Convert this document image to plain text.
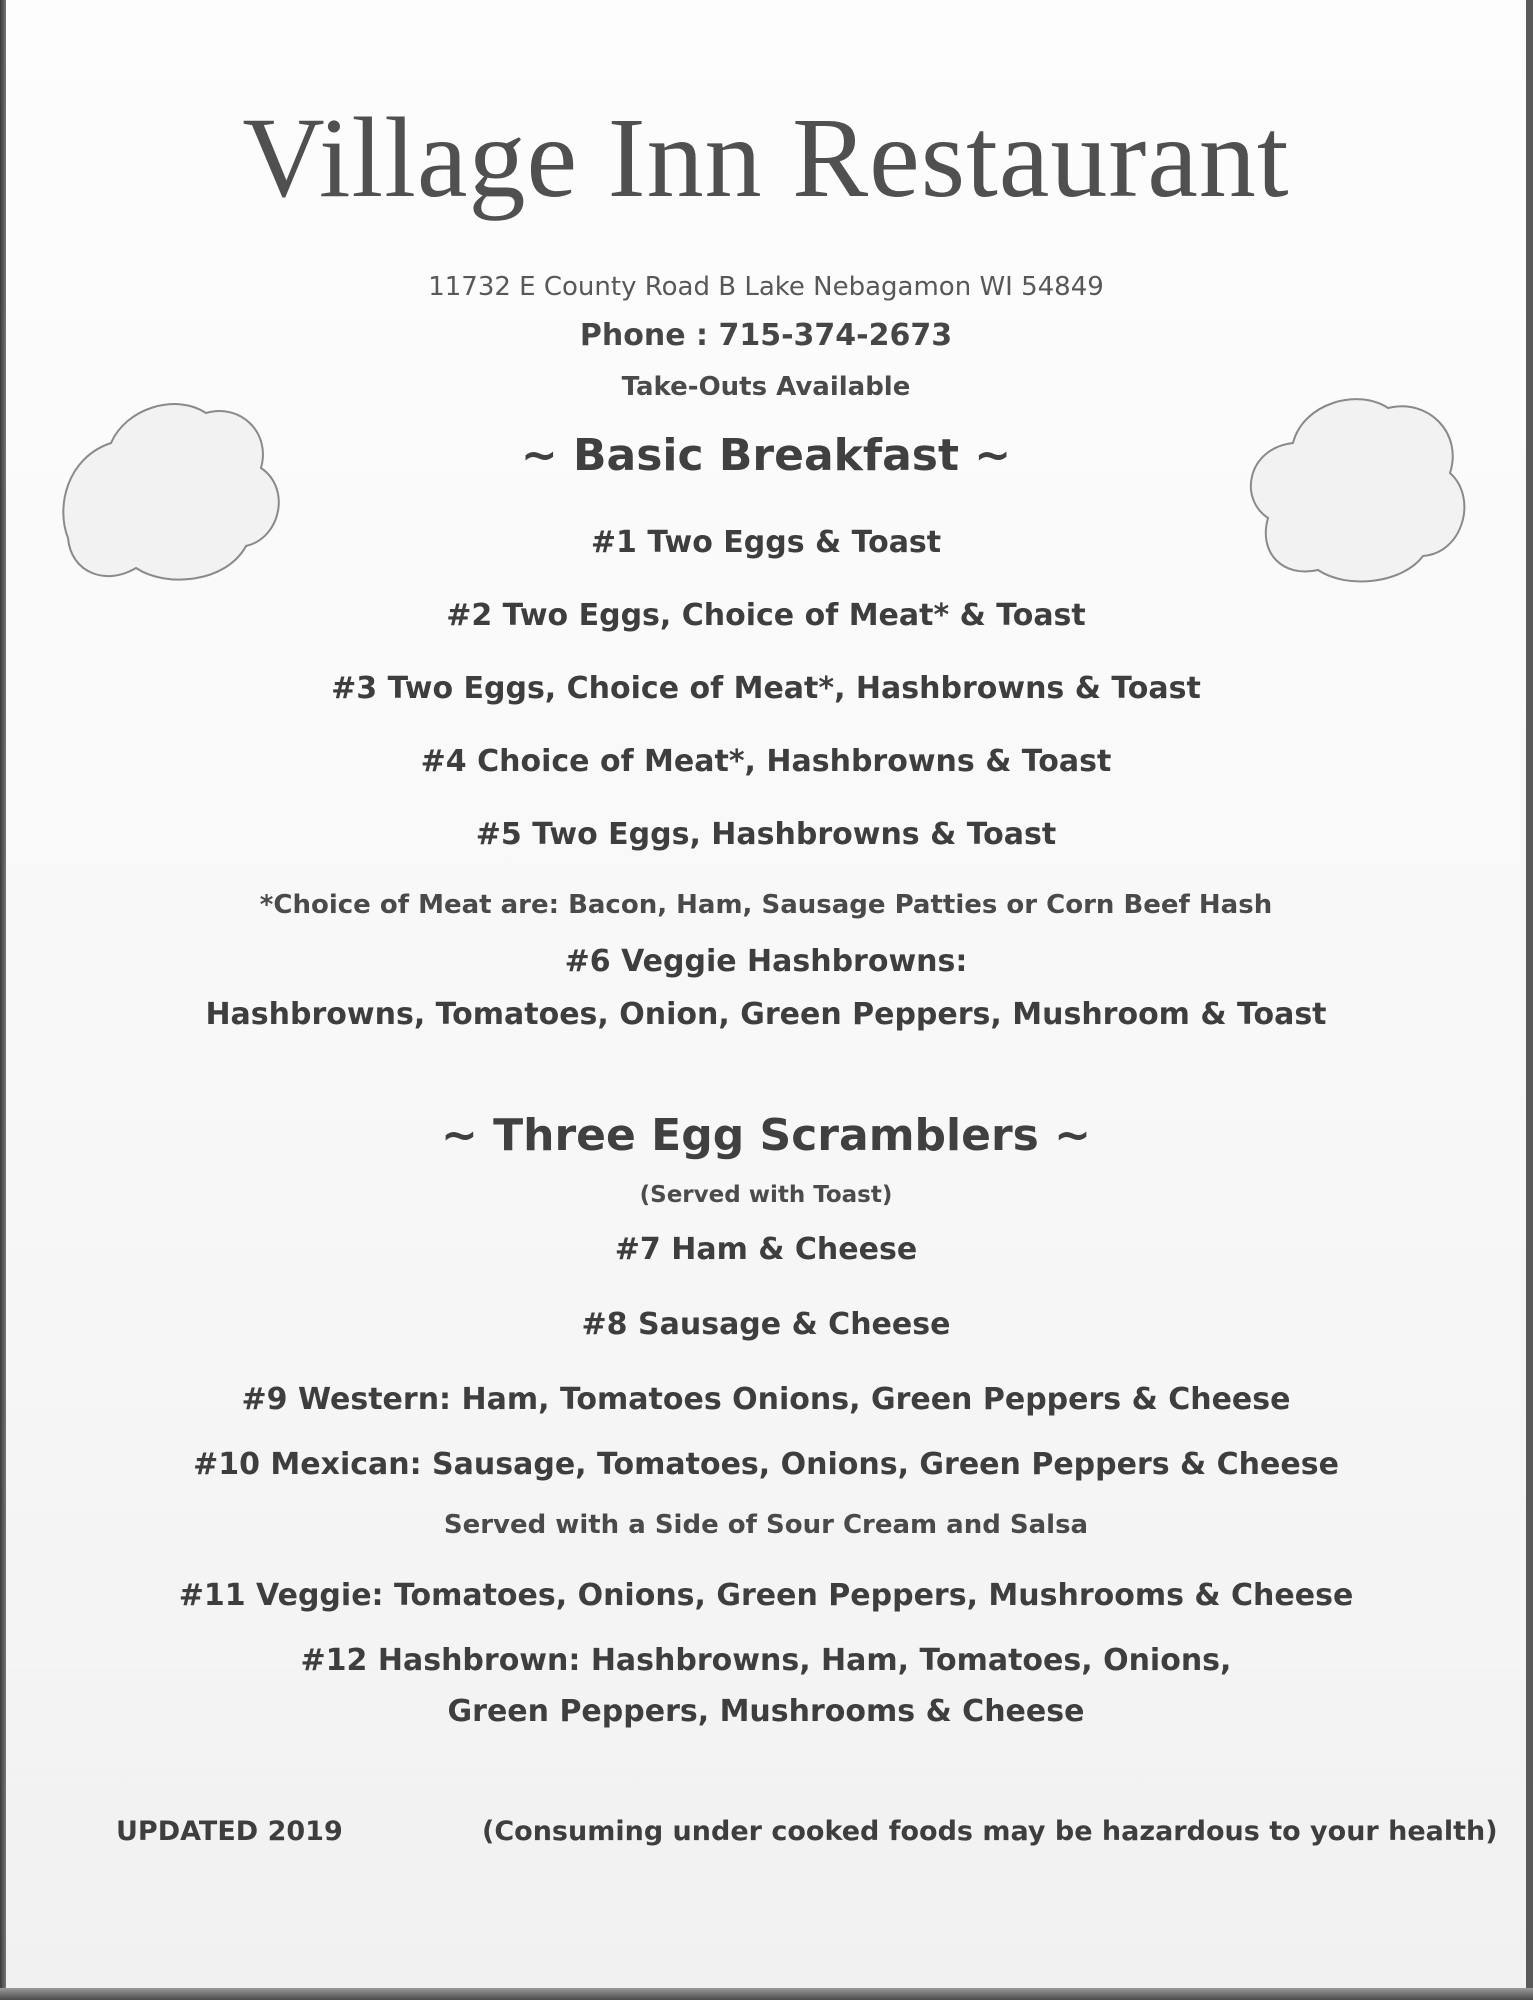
Village Inn Restaurant
11732 E County Road B Lake Nebagamon WI 54849
Phone : 715-374-2673
Take-Outs Available
~ Basic Breakfast ~
#1 Two Eggs & Toast
#2 Two Eggs, Choice of Meat* & Toast
#3 Two Eggs, Choice of Meat*, Hashbrowns & Toast
#4 Choice of Meat*, Hashbrowns & Toast
#5 Two Eggs, Hashbrowns & Toast
*Choice of Meat are: Bacon, Ham, Sausage Patties or Corn Beef Hash
#6 Veggie Hashbrowns:
Hashbrowns, Tomatoes, Onion, Green Peppers, Mushroom & Toast
~ Three Egg Scramblers ~
(Served with Toast)
#7 Ham & Cheese
#8 Sausage & Cheese
#9 Western: Ham, Tomatoes Onions, Green Peppers & Cheese
#10 Mexican: Sausage, Tomatoes, Onions, Green Peppers & Cheese
Served with a Side of Sour Cream and Salsa
#11 Veggie: Tomatoes, Onions, Green Peppers, Mushrooms & Cheese
#12 Hashbrown: Hashbrowns, Ham, Tomatoes, Onions,
Green Peppers, Mushrooms & Cheese
UPDATED 2019	(Consuming under cooked foods may be hazardous to your health)
